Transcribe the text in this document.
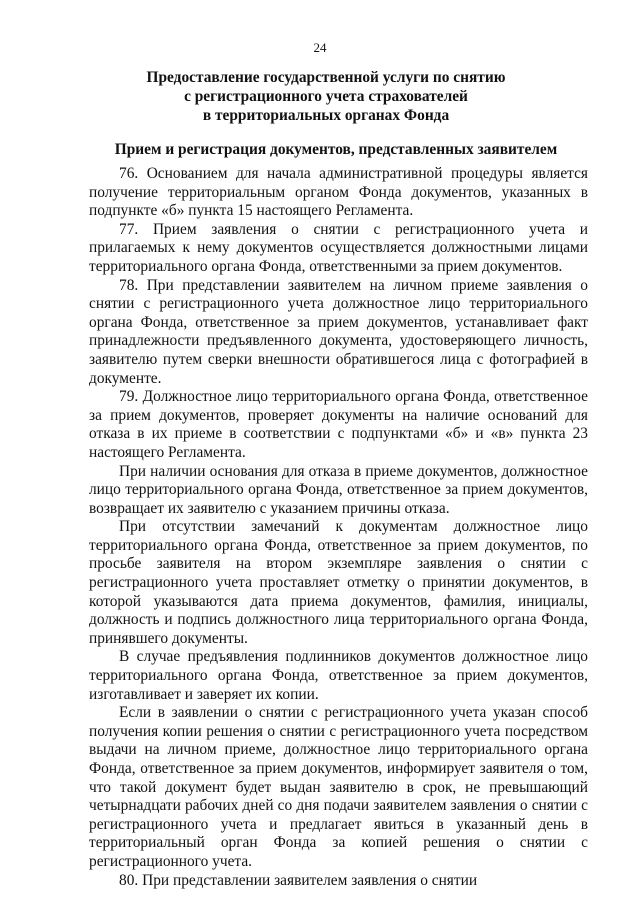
24
Предоставление государственной услуги по снятию
с регистрационного учета страхователей
в территориальных органах Фонда
Прием и регистрация документов, представленных заявителем

76. Основанием для начала административной процедуры является получение территориальным органом Фонда документов, указанных в подпункте «б» пункта 15 настоящего Регламента.

77. Прием заявления о снятии с регистрационного учета и прилагаемых к нему документов осуществляется должностными лицами территориального органа Фонда, ответственными за прием документов.

78. При представлении заявителем на личном приеме заявления о снятии с регистрационного учета должностное лицо территориального органа Фонда, ответственное за прием документов, устанавливает факт принадлежности предъявленного документа, удостоверяющего личность, заявителю путем сверки внешности обратившегося лица с фотографией в документе.

79. Должностное лицо территориального органа Фонда, ответственное за прием документов, проверяет документы на наличие оснований для отказа в их приеме в соответствии с подпунктами «б» и «в» пункта 23 настоящего Регламента.

При наличии основания для отказа в приеме документов, должностное лицо территориального органа Фонда, ответственное за прием документов, возвращает их заявителю с указанием причины отказа.

При отсутствии замечаний к документам должностное лицо территориального органа Фонда, ответственное за прием документов, по просьбе заявителя на втором экземпляре заявления о снятии с регистрационного учета проставляет отметку о принятии документов, в которой указываются дата приема документов, фамилия, инициалы, должность и подпись должностного лица территориального органа Фонда, принявшего документы.

В случае предъявления подлинников документов должностное лицо территориального органа Фонда, ответственное за прием документов, изготавливает и заверяет их копии.

Если в заявлении о снятии с регистрационного учета указан способ получения копии решения о снятии с регистрационного учета посредством выдачи на личном приеме, должностное лицо территориального органа Фонда, ответственное за прием документов, информирует заявителя о том, что такой документ будет выдан заявителю в срок, не превышающий четырнадцати рабочих дней со дня подачи заявителем заявления о снятии с регистрационного учета и предлагает явиться в указанный день в территориальный орган Фонда за копией решения о снятии с регистрационного учета.

80. При представлении заявителем заявления о снятии
